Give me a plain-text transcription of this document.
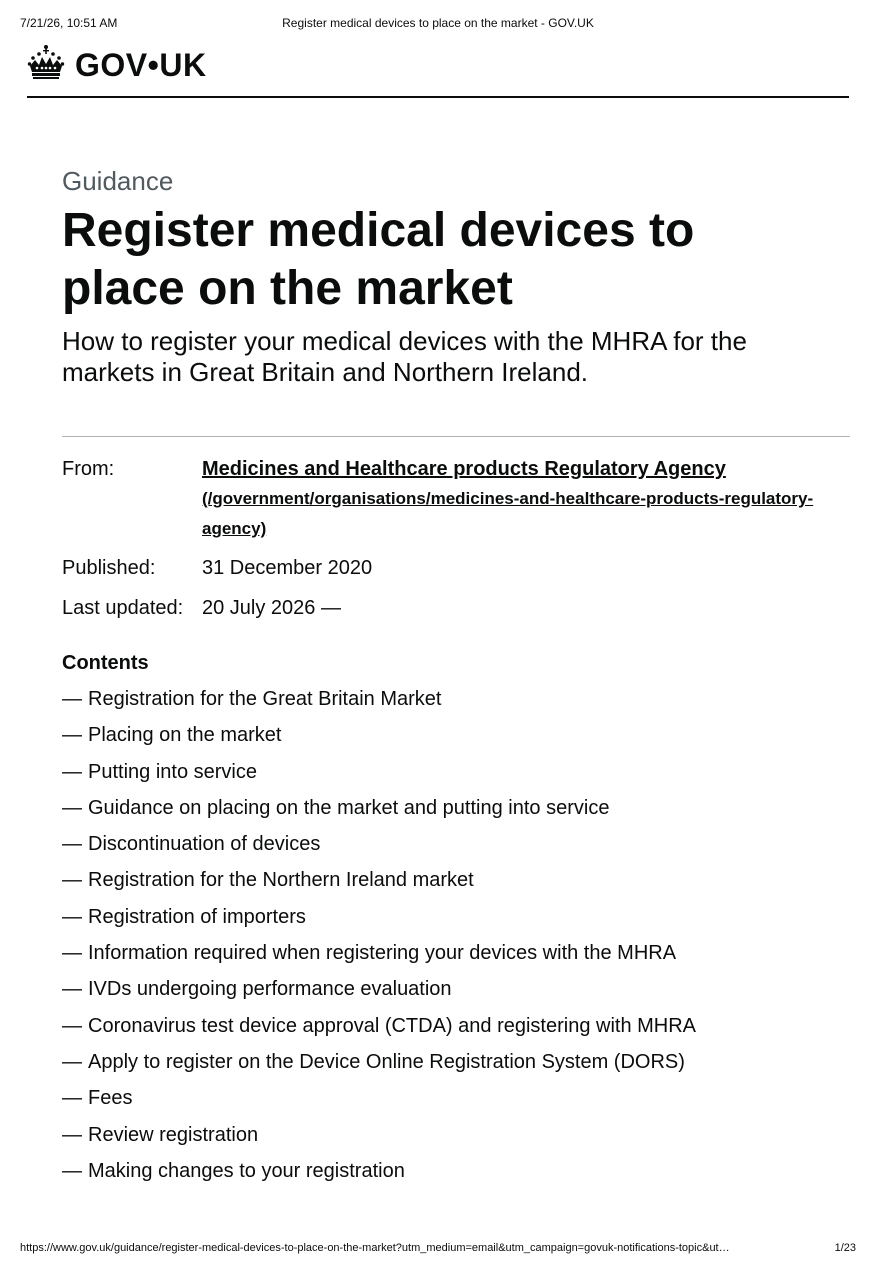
7/21/26, 10:51 AM	Register medical devices to place on the market - GOV.UK
GOV•UK

Guidance

Register medical devices to place on the market

How to register your medical devices with the MHRA for the markets in Great Britain and Northern Ireland.

From:	Medicines and Healthcare products Regulatory Agency
(/government/organisations/medicines-and-healthcare-products-regulatory-agency)
Published:	31 December 2020
Last updated: 20 July 2026 —
Contents
— Registration for the Great Britain Market
— Placing on the market
— Putting into service
— Guidance on placing on the market and putting into service
— Discontinuation of devices
— Registration for the Northern Ireland market
— Registration of importers
— Information required when registering your devices with the MHRA
— IVDs undergoing performance evaluation
— Coronavirus test device approval (CTDA) and registering with MHRA
— Apply to register on the Device Online Registration System (DORS)
— Fees
— Review registration
— Making changes to your registration
https://www.gov.uk/guidance/register-medical-devices-to-place-on-the-market?utm_medium=email&utm_campaign=govuk-notifications-topic&ut…	1/23
